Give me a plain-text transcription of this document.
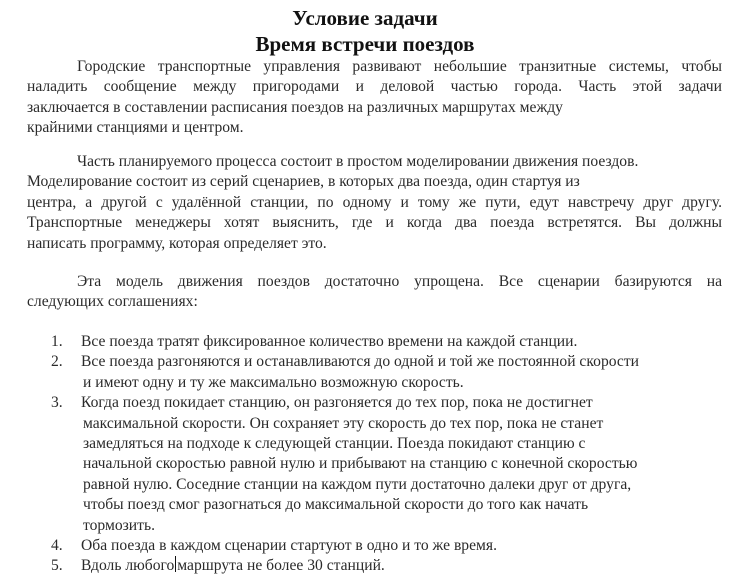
Условие задачи
Время встречи поездов
Городские транспортные управления развивают небольшие транзитные системы, чтобы
наладить сообщение между пригородами и деловой частью города. Часть этой задачи
заключается в составлении расписания поездов на различных маршрутах между
крайними станциями и центром.
Часть планируемого процесса состоит в простом моделировании движения поездов.
Моделирование состоит из серий сценариев, в которых два поезда, один стартуя из
центра, а другой с удалённой станции, по одному и тому же пути, едут навстречу друг другу.
Транспортные менеджеры хотят выяснить, где и когда два поезда встретятся. Вы должны
написать программу, которая определяет это.
Эта модель движения поездов достаточно упрощена. Все сценарии базируются на
следующих соглашениях:
1. Все поезда тратят фиксированное количество времени на каждой станции.
2. Все поезда разгоняются и останавливаются до одной и той же постоянной скорости
и имеют одну и ту же максимально возможную скорость.
3. Когда поезд покидает станцию, он разгоняется до тех пор, пока не достигнет
максимальной скорости. Он сохраняет эту скорость до тех пор, пока не станет
замедляться на подходе к следующей станции. Поезда покидают станцию с
начальной скоростью равной нулю и прибывают на станцию с конечной скоростью
равной нулю. Соседние станции на каждом пути достаточно далеки друг от друга,
чтобы поезд смог разогнаться до максимальной скорости до того как начать
тормозить.
4. Оба поезда в каждом сценарии стартуют в одно и то же время.
5. Вдоль любого маршрута не более 30 станций.
